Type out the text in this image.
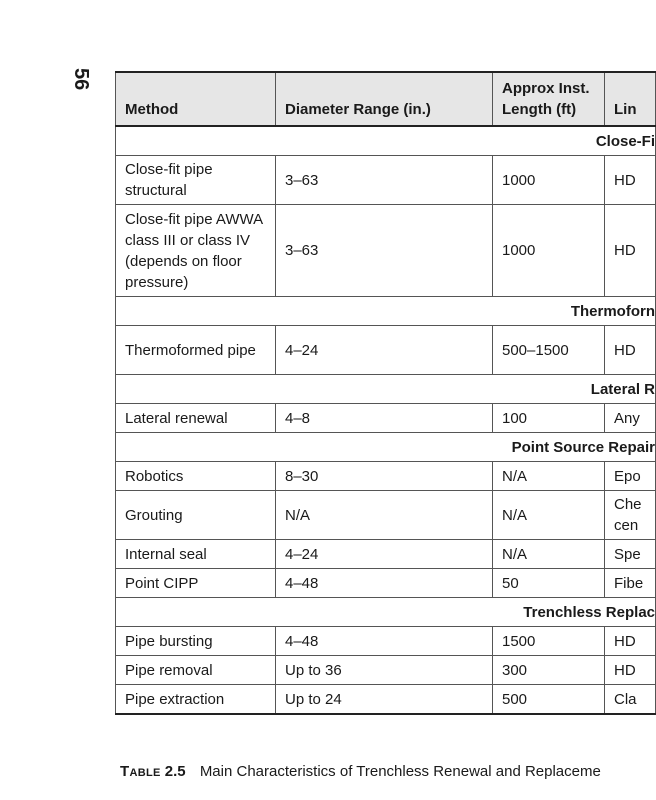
56
Method	Diameter Range (in.)	Approx Inst. Length (ft)	Lin
Close-Fi			
Close-fit pipe structural	3–63	1000	HD
Close-fit pipe AWWA class III or class IV (depends on floor pressure)	3–63	1000	HD
Thermoforn			
Thermoformed pipe	4–24	500–1500	HD
Lateral R			
Lateral renewal	4–8	100	Any
Point Source Repair			
Robotics	8–30	N/A	Epo
Grouting	N/A	N/A	Che
cen
Internal seal	4–24	N/A	Spe
Point CIPP	4–48	50	Fibe
Trenchless Replac			
Pipe bursting	4–48	1500	HD
Pipe removal	Up to 36	300	HD
Pipe extraction	Up to 24	500	Cla
Table 2.5 Main Characteristics of Trenchless Renewal and Replaceme
